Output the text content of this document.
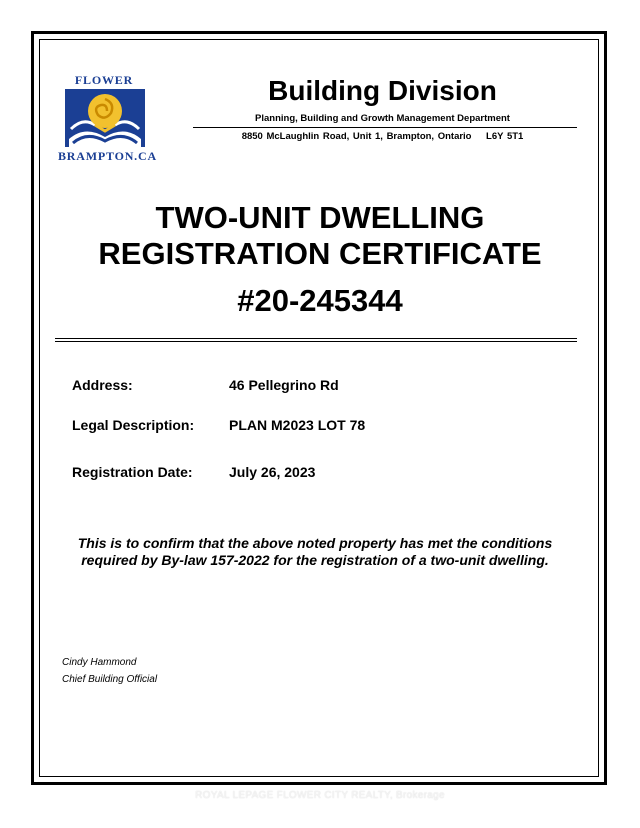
FLOWER
BRAMPTON.CA
Building Division
Planning, Building and Growth Management Department
8850 McLaughlin Road, Unit 1, Brampton, Ontario    L6Y 5T1
TWO-UNIT DWELLING
REGISTRATION CERTIFICATE
#20-245344
Address:	46 Pellegrino Rd
Legal Description: PLAN M2023 LOT 78
Registration Date:	July 26, 2023
This is to confirm that the above noted property has met the conditions
required by By-law 157-2022 for the registration of a two-unit dwelling.
Cindy Hammond
Chief Building Official
ROYAL LEPAGE FLOWER CITY REALTY, Brokerage
